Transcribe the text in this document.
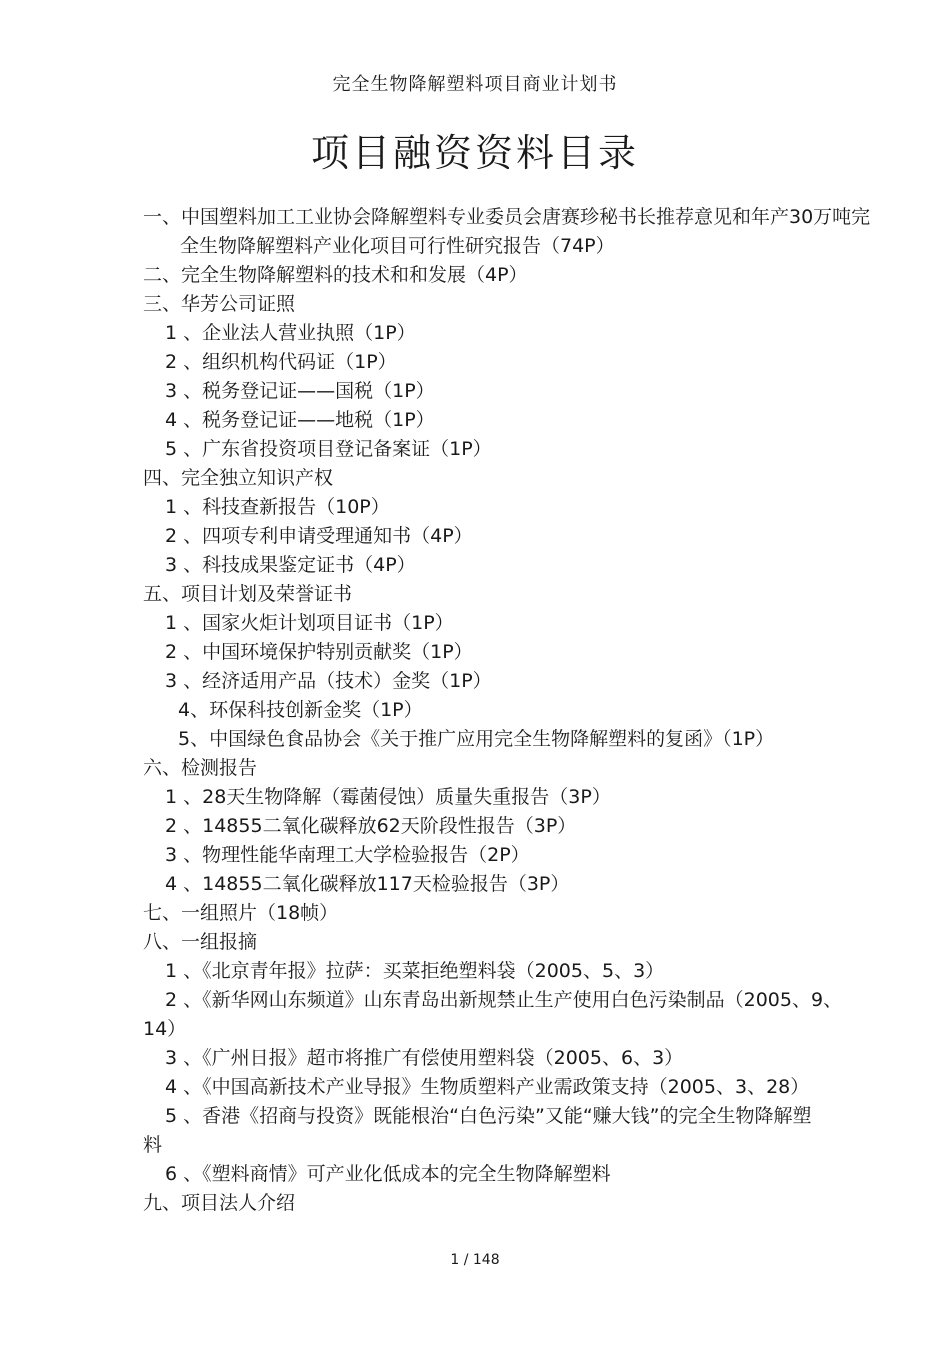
完全生物降解塑料项目商业计划书
项目融资资料目录
一、中国塑料加工工业协会降解塑料专业委员会唐赛珍秘书长推荐意见和年产30万吨完
全生物降解塑料产业化项目可行性研究报告（74P）
二、完全生物降解塑料的技术和和发展（4P）
三、华芳公司证照
1 、企业法人营业执照（1P）
2 、组织机构代码证（1P）
3 、税务登记证——国税（1P）
4 、税务登记证——地税（1P）
5 、广东省投资项目登记备案证（1P）
四、完全独立知识产权
1 、科技查新报告（10P）
2 、四项专利申请受理通知书（4P）
3 、科技成果鉴定证书（4P）
五、项目计划及荣誉证书
1 、国家火炬计划项目证书（1P）
2 、中国环境保护特别贡献奖（1P）
3 、经济适用产品（技术）金奖（1P）
4、环保科技创新金奖（1P）
5、中国绿色食品协会《关于推广应用完全生物降解塑料的复函》（1P）
六、检测报告
1 、28天生物降解（霉菌侵蚀）质量失重报告（3P）
2 、14855二氧化碳释放62天阶段性报告（3P）
3 、物理性能华南理工大学检验报告（2P）
4 、14855二氧化碳释放117天检验报告（3P）
七、一组照片（18帧）
八、一组报摘
1 、《北京青年报》拉萨：买菜拒绝塑料袋（2005、5、3）
2 、《新华网山东频道》山东青岛出新规禁止生产使用白色污染制品（2005、9、
14）
3 、《广州日报》超市将推广有偿使用塑料袋（2005、6、3）
4 、《中国高新技术产业导报》生物质塑料产业需政策支持（2005、3、28）
5 、香港《招商与投资》既能根治“白色污染”又能“赚大钱”的完全生物降解塑
料
6 、《塑料商情》可产业化低成本的完全生物降解塑料
九、项目法人介绍
1 / 148
